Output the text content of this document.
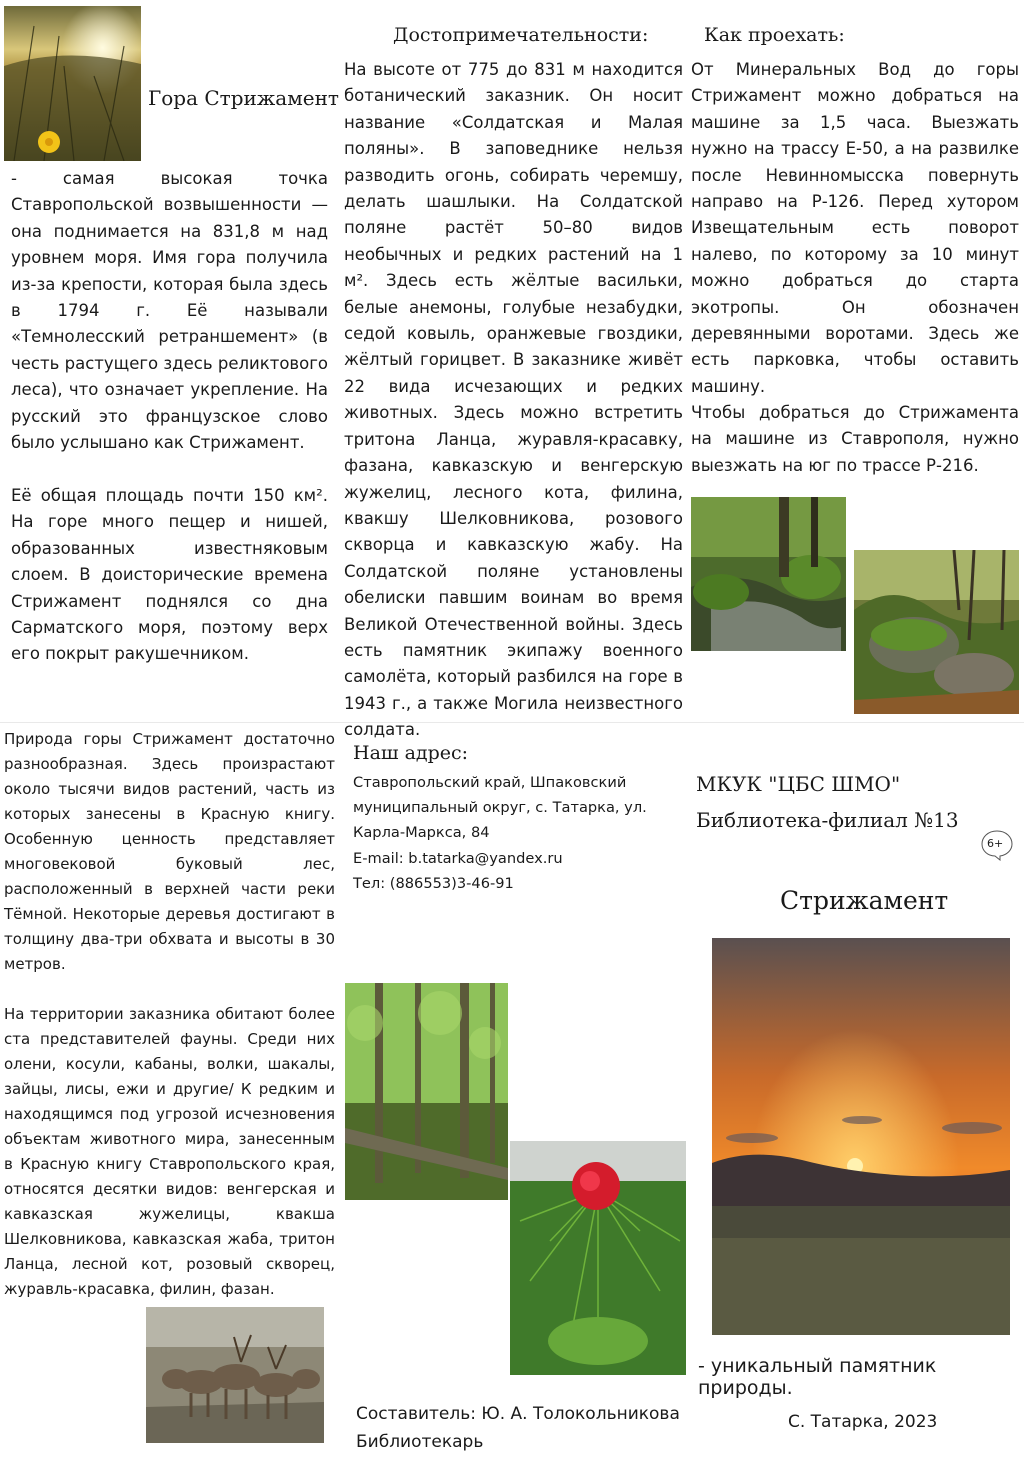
Гора Стрижамент
- самая высокая точка Ставропольской возвышенности — она поднимается на 831,8 м над уровнем моря. Имя гора получила из-за крепости, которая была здесь в 1794 г. Её называли «Темнолесский ретраншемент» (в честь растущего здесь реликтового леса), что означает укрепление. На русский это французское слово было услышано как Стрижамент.
Её общая площадь почти 150 км². На горе много пещер и нишей, образованных известняковым слоем. В доисторические времена Стрижамент поднялся со дна Сарматского моря, поэтому верх его покрыт ракушечником.
Достопримечательности:
На высоте от 775 до 831 м находится ботанический заказник. Он носит название «Солдатская и Малая поляны». В заповеднике нельзя разводить огонь, собирать черемшу, делать шашлыки. На Солдатской поляне растёт 50–80 видов необычных и редких растений на 1 м². Здесь есть жёлтые васильки, белые анемоны, голубые незабудки, седой ковыль, оранжевые гвоздики, жёлтый горицвет. В заказнике живёт 22 вида исчезающих и редких животных. Здесь можно встретить тритона Ланца, журавля-красавку, фазана, кавказскую и венгерскую жужелиц, лесного кота, филина, квакшу Шелковникова, розового скворца и кавказскую жабу. На Солдатской поляне установлены обелиски павшим воинам во время Великой Отечественной войны. Здесь есть памятник экипажу военного самолёта, который разбился на горе в 1943 г., а также Могила неизвестного солдата.
Как проехать:
От Минеральных Вод до горы Стрижамент можно добраться на машине за 1,5 часа. Выезжать нужно на трассу Е-50, а на развилке после Невинномысска повернуть направо на Р-126. Перед хутором Извещательным есть поворот налево, по которому за 10 минут можно добраться до старта экотропы. Он обозначен деревянными воротами. Здесь же есть парковка, чтобы оставить машину.
Чтобы добраться до Стрижамента на машине из Ставрополя, нужно выезжать на юг по трассе Р-216.
Природа горы Стрижамент достаточно разнообразная. Здесь произрастают около тысячи видов растений, часть из которых занесены в Красную книгу. Особенную ценность представляет многовековой буковый лес, расположенный в верхней части реки Тёмной. Некоторые деревья достигают в толщину два-три обхвата и высоты в 30 метров.
На территории заказника обитают более ста представителей фауны. Среди них олени, косули, кабаны, волки, шакалы, зайцы, лисы, ежи и другие/ К редким и находящимся под угрозой исчезновения объектам животного мира, занесенным в Красную книгу Ставропольского края, относятся десятки видов: венгерская и кавказская жужелицы, квакша Шелковникова, кавказская жаба, тритон Ланца, лесной кот, розовый скворец, журавль-красавка, филин, фазан.
Наш адрес:
Ставропольский край, Шпаковский
муниципальный округ, с. Татарка, ул.
Карла-Маркса, 84
E-mail: b.tatarka@yandex.ru
Тел: (886553)3-46-91
Составитель: Ю. А. Толокольникова
Библиотекарь
МКУК "ЦБС ШМО"
Библиотека-филиал №13
6+
Стрижамент
- уникальный памятник природы.
С. Татарка, 2023
